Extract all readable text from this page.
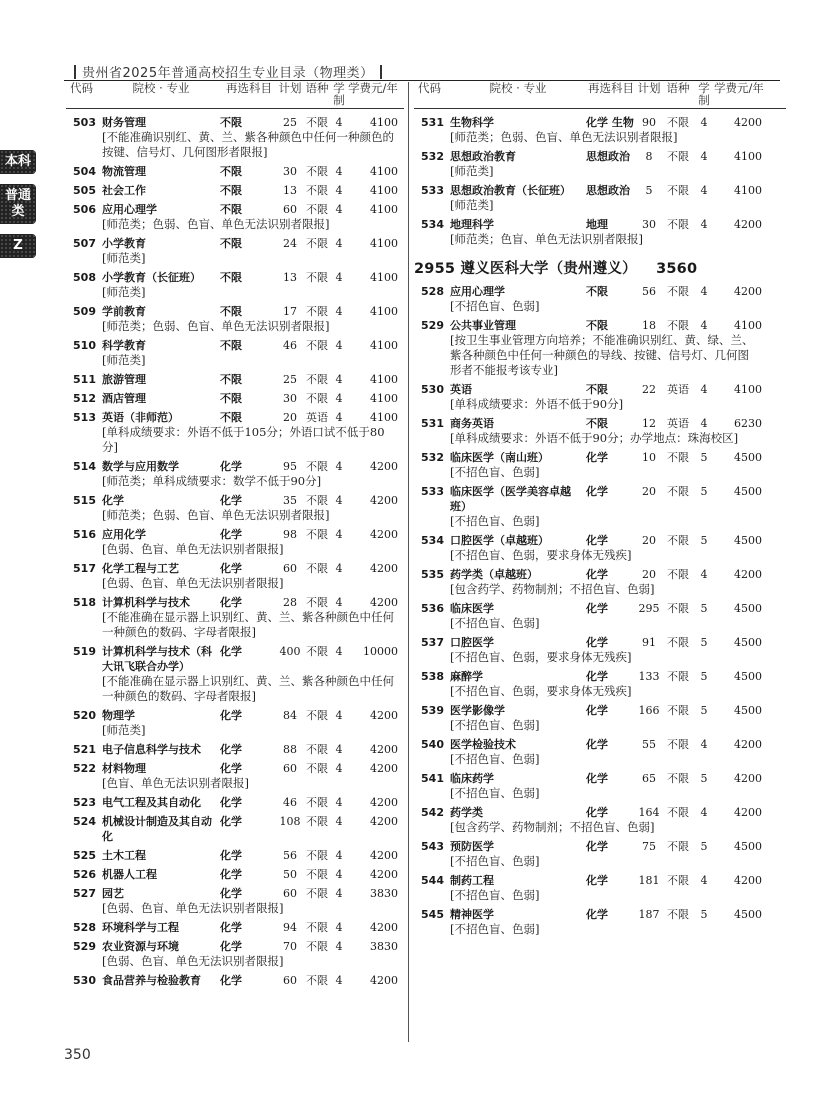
贵州省2025年普通高校招生专业目录（物理类）
本科
普通类
Z
代码	院校 · 专业	再选科目 计划 语种 学制
学费元/年
503 财务管理	不限	25 不限 4	4100
[不能准确识别红、黄、兰、紫各种颜色中任何一种颜色的按键、信号灯、几何图形者限报]
504 物流管理	不限	30 不限 4	4100
505 社会工作	不限	13 不限 4	4100
506 应用心理学	不限	60 不限 4	4100
[师范类；色弱、色盲、单色无法识别者限报]
507 小学教育	不限	24 不限 4	4100
[师范类]
508 小学教育（长征班）	不限	13 不限 4	4100
[师范类]
509 学前教育	不限	17 不限 4	4100
[师范类；色弱、色盲、单色无法识别者限报]
510 科学教育	不限	46 不限 4	4100
[师范类]
511 旅游管理	不限	25 不限 4	4100
512 酒店管理	不限	30 不限 4	4100
513 英语（非师范）	不限	20 英语 4	4100
[单科成绩要求：外语不低于105分；外语口试不低于80分]
514 数学与应用数学	化学	95 不限 4	4200
[师范类；单科成绩要求：数学不低于90分]
515 化学	化学	35 不限 4	4200
[师范类；色弱、色盲、单色无法识别者限报]
516 应用化学	化学	98 不限 4	4200
[色弱、色盲、单色无法识别者限报]
517 化学工程与工艺	化学	60 不限 4	4200
[色弱、色盲、单色无法识别者限报]
518 计算机科学与技术	化学	28 不限 4	4200
[不能准确在显示器上识别红、黄、兰、紫各种颜色中任何一种颜色的数码、字母者限报]
519 计算机科学与技术（科大讯飞联合办学）
化学	400 不限 4	10000
[不能准确在显示器上识别红、黄、兰、紫各种颜色中任何一种颜色的数码、字母者限报]
520 物理学	化学	84 不限 4	4200
[师范类]
521 电子信息科学与技术	化学	88 不限 4	4200
522 材料物理	化学	60 不限 4	4200
[色盲、单色无法识别者限报]
523 电气工程及其自动化	化学	46 不限 4	4200
524 机械设计制造及其自动化
化学	108 不限 4	4200
525 土木工程	化学	56 不限 4	4200
526 机器人工程	化学	50 不限 4	4200
527 园艺	化学	60 不限 4	3830
[色弱、色盲、单色无法识别者限报]
528 环境科学与工程	化学	94 不限 4	4200
529 农业资源与环境	化学	70 不限 4	3830
[色弱、色盲、单色无法识别者限报]
530 食品营养与检验教育	化学	60 不限 4	4200
代码	院校 · 专业	再选科目 计划 语种 学制
学费元/年
531 生物科学	化学 生物 90	不限	4	4200
[师范类；色弱、色盲、单色无法识别者限报]
532 思想政治教育	思想政治	8	不限	4	4100
[师范类]
533 思想政治教育（长征班）	思想政治	5	不限	4	4100
[师范类]
534 地理科学	地理	30	不限	4	4200
[师范类；色盲、单色无法识别者限报]
2955 遵义医科大学（贵州遵义） 3560
528 应用心理学	不限	56	不限	4	4200
[不招色盲、色弱]
529 公共事业管理	不限	18	不限	4	4100
[按卫生事业管理方向培养；不能准确识别红、黄、绿、兰、紫各种颜色中任何一种颜色的导线、按键、信号灯、几何图形者不能报考该专业]
530 英语	不限	22	英语	4	4100
[单科成绩要求：外语不低于90分]
531 商务英语	不限	12	英语	4	6230
[单科成绩要求：外语不低于90分；办学地点：珠海校区]
532 临床医学（南山班）	化学	10	不限	5	4500
[不招色盲、色弱]
533 临床医学（医学美容卓越班）
化学	20	不限	5	4500
[不招色盲、色弱]
534 口腔医学（卓越班）	化学	20	不限	5	4500
[不招色盲、色弱，要求身体无残疾]
535 药学类（卓越班）	化学	20	不限	4	4200
[包含药学、药物制剂；不招色盲、色弱]
536 临床医学	化学	295 不限	5	4500
[不招色盲、色弱]
537 口腔医学	化学	91	不限	5	4500
[不招色盲、色弱，要求身体无残疾]
538 麻醉学	化学	133 不限	5	4500
[不招色盲、色弱，要求身体无残疾]
539 医学影像学	化学	166 不限	5	4500
[不招色盲、色弱]
540 医学检验技术	化学	55	不限	4	4200
[不招色盲、色弱]
541 临床药学	化学	65	不限	5	4200
[不招色盲、色弱]
542 药学类	化学	164 不限	4	4200
[包含药学、药物制剂；不招色盲、色弱]
543 预防医学	化学	75	不限	5	4500
[不招色盲、色弱]
544 制药工程	化学	181 不限	4	4200
[不招色盲、色弱]
545 精神医学	化学	187 不限	5	4500
[不招色盲、色弱]
350
